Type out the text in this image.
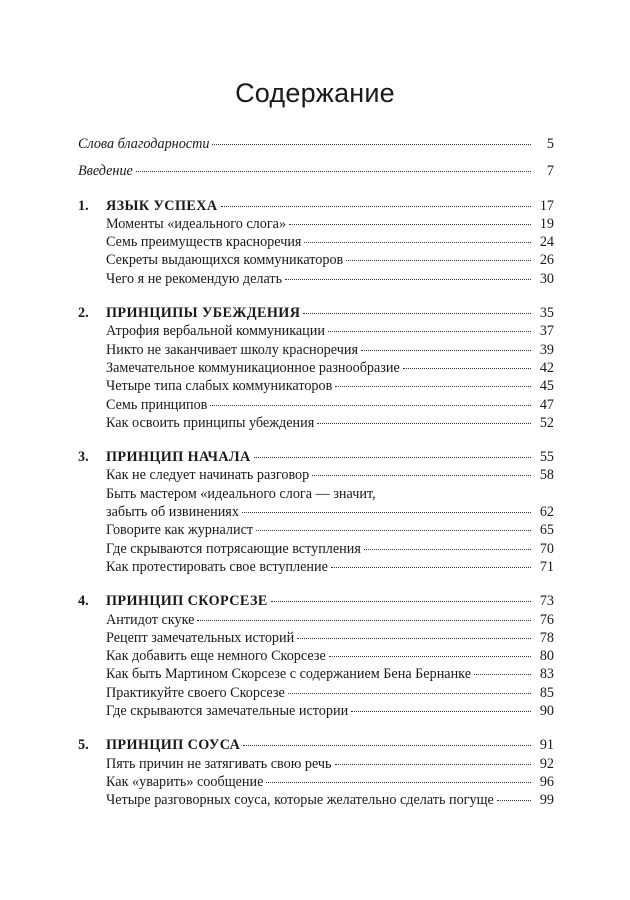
Содержание
Слова благодарности	5
Введение	7
1.	ЯЗЫК УСПЕХА	17
Моменты «идеального слога»	19
Семь преимуществ красноречия	24
Секреты выдающихся коммуникаторов	26
Чего я не рекомендую делать	30
2.	ПРИНЦИПЫ УБЕЖДЕНИЯ	35
Атрофия вербальной коммуникации	37
Никто не заканчивает школу красноречия	39
Замечательное коммуникационное разнообразие	42
Четыре типа слабых коммуникаторов	45
Семь принципов	47
Как освоить принципы убеждения	52
3.	ПРИНЦИП НАЧАЛА	55
Как не следует начинать разговор	58
Быть мастером «идеального слога — значит,
забыть об извинениях	62
Говорите как журналист	65
Где скрываются потрясающие вступления	70
Как протестировать свое вступление	71
4.	ПРИНЦИП СКОРСЕЗЕ	73
Антидот скуке	76
Рецепт замечательных историй	78
Как добавить еще немного Скорсезе	80
Как быть Мартином Скорсезе с содержанием Бена Бернанке	83
Практикуйте своего Скорсезе	85
Где скрываются замечательные истории	90
5.	ПРИНЦИП СОУСА	91
Пять причин не затягивать свою речь	92
Как «уварить» сообщение	96
Четыре разговорных соуса, которые желательно сделать погуще	99
